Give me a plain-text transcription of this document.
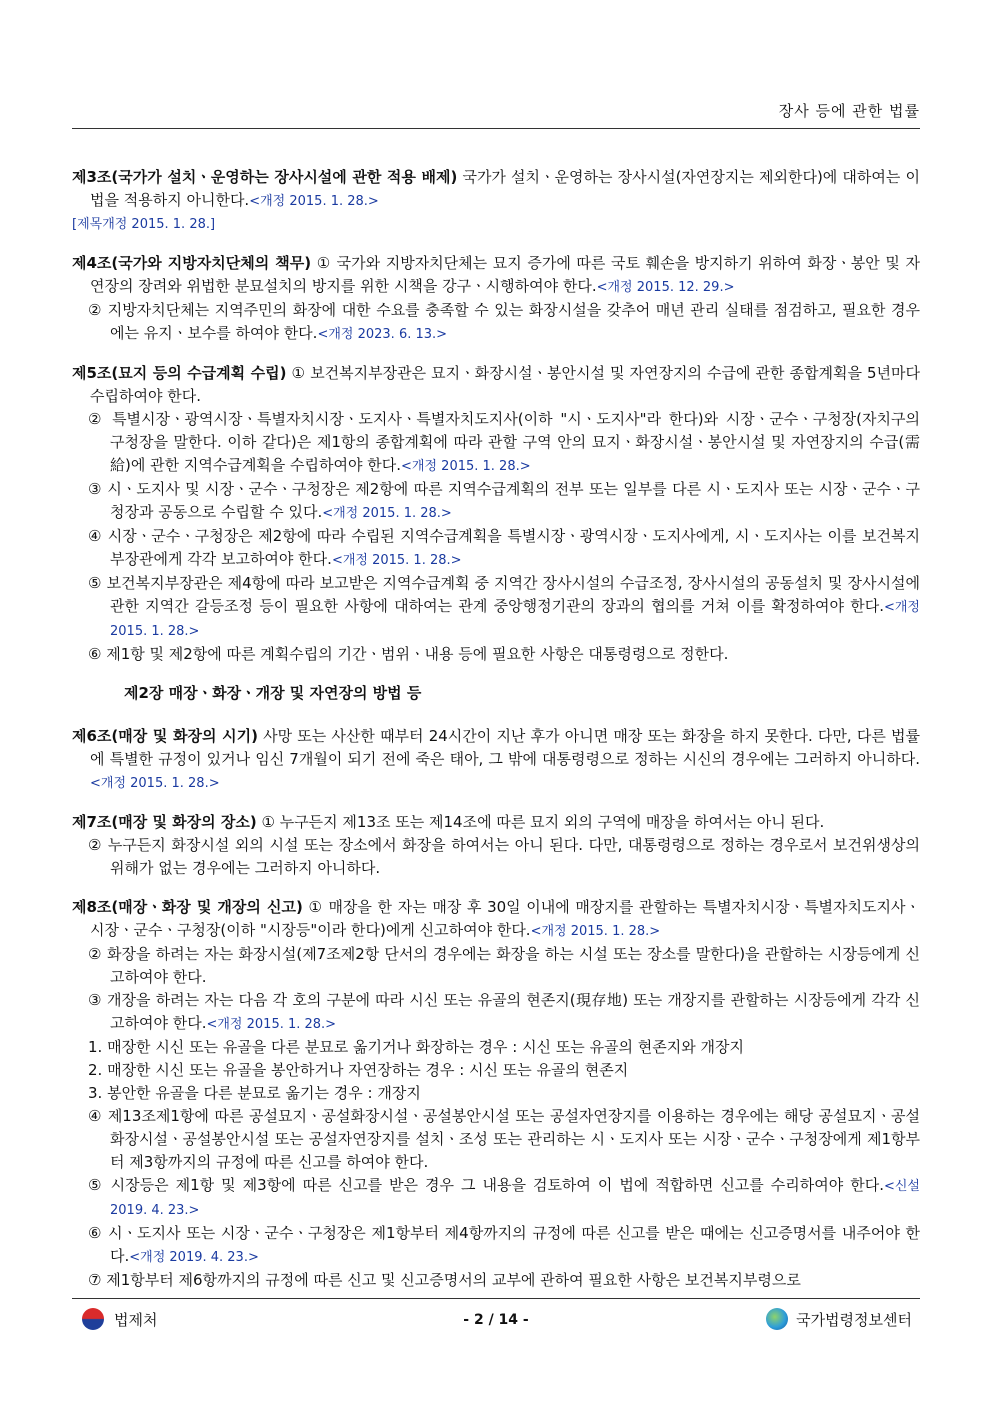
장사 등에 관한 법률

제3조(국가가 설치ㆍ운영하는 장사시설에 관한 적용 배제) 국가가 설치ㆍ운영하는 장사시설(자연장지는 제외한다)에 대하여는 이 법을 적용하지 아니한다.<개정 2015. 1. 28.>

[제목개정 2015. 1. 28.]

제4조(국가와 지방자치단체의 책무) ① 국가와 지방자치단체는 묘지 증가에 따른 국토 훼손을 방지하기 위하여 화장ㆍ봉안 및 자연장의 장려와 위법한 분묘설치의 방지를 위한 시책을 강구ㆍ시행하여야 한다.<개정 2015. 12. 29.>

② 지방자치단체는 지역주민의 화장에 대한 수요를 충족할 수 있는 화장시설을 갖추어 매년 관리 실태를 점검하고, 필요한 경우에는 유지ㆍ보수를 하여야 한다.<개정 2023. 6. 13.>

제5조(묘지 등의 수급계획 수립) ① 보건복지부장관은 묘지ㆍ화장시설ㆍ봉안시설 및 자연장지의 수급에 관한 종합계획을 5년마다 수립하여야 한다.

② 특별시장ㆍ광역시장ㆍ특별자치시장ㆍ도지사ㆍ특별자치도지사(이하 "시ㆍ도지사"라 한다)와 시장ㆍ군수ㆍ구청장(자치구의 구청장을 말한다. 이하 같다)은 제1항의 종합계획에 따라 관할 구역 안의 묘지ㆍ화장시설ㆍ봉안시설 및 자연장지의 수급(需給)에 관한 지역수급계획을 수립하여야 한다.<개정 2015. 1. 28.>

③ 시ㆍ도지사 및 시장ㆍ군수ㆍ구청장은 제2항에 따른 지역수급계획의 전부 또는 일부를 다른 시ㆍ도지사 또는 시장ㆍ군수ㆍ구청장과 공동으로 수립할 수 있다.<개정 2015. 1. 28.>

④ 시장ㆍ군수ㆍ구청장은 제2항에 따라 수립된 지역수급계획을 특별시장ㆍ광역시장ㆍ도지사에게, 시ㆍ도지사는 이를 보건복지부장관에게 각각 보고하여야 한다.<개정 2015. 1. 28.>

⑤ 보건복지부장관은 제4항에 따라 보고받은 지역수급계획 중 지역간 장사시설의 수급조정, 장사시설의 공동설치 및 장사시설에 관한 지역간 갈등조정 등이 필요한 사항에 대하여는 관계 중앙행정기관의 장과의 협의를 거쳐 이를 확정하여야 한다.<개정 2015. 1. 28.>

⑥ 제1항 및 제2항에 따른 계획수립의 기간ㆍ범위ㆍ내용 등에 필요한 사항은 대통령령으로 정한다.

제2장 매장ㆍ화장ㆍ개장 및 자연장의 방법 등

제6조(매장 및 화장의 시기) 사망 또는 사산한 때부터 24시간이 지난 후가 아니면 매장 또는 화장을 하지 못한다. 다만, 다른 법률에 특별한 규정이 있거나 임신 7개월이 되기 전에 죽은 태아, 그 밖에 대통령령으로 정하는 시신의 경우에는 그러하지 아니하다.<개정 2015. 1. 28.>

제7조(매장 및 화장의 장소) ① 누구든지 제13조 또는 제14조에 따른 묘지 외의 구역에 매장을 하여서는 아니 된다.

② 누구든지 화장시설 외의 시설 또는 장소에서 화장을 하여서는 아니 된다. 다만, 대통령령으로 정하는 경우로서 보건위생상의 위해가 없는 경우에는 그러하지 아니하다.

제8조(매장ㆍ화장 및 개장의 신고) ① 매장을 한 자는 매장 후 30일 이내에 매장지를 관할하는 특별자치시장ㆍ특별자치도지사ㆍ시장ㆍ군수ㆍ구청장(이하 "시장등"이라 한다)에게 신고하여야 한다.<개정 2015. 1. 28.>

② 화장을 하려는 자는 화장시설(제7조제2항 단서의 경우에는 화장을 하는 시설 또는 장소를 말한다)을 관할하는 시장등에게 신고하여야 한다.

③ 개장을 하려는 자는 다음 각 호의 구분에 따라 시신 또는 유골의 현존지(現存地) 또는 개장지를 관할하는 시장등에게 각각 신고하여야 한다.<개정 2015. 1. 28.>

1. 매장한 시신 또는 유골을 다른 분묘로 옮기거나 화장하는 경우 : 시신 또는 유골의 현존지와 개장지

2. 매장한 시신 또는 유골을 봉안하거나 자연장하는 경우 : 시신 또는 유골의 현존지

3. 봉안한 유골을 다른 분묘로 옮기는 경우 : 개장지

④ 제13조제1항에 따른 공설묘지ㆍ공설화장시설ㆍ공설봉안시설 또는 공설자연장지를 이용하는 경우에는 해당 공설묘지ㆍ공설화장시설ㆍ공설봉안시설 또는 공설자연장지를 설치ㆍ조성 또는 관리하는 시ㆍ도지사 또는 시장ㆍ군수ㆍ구청장에게 제1항부터 제3항까지의 규정에 따른 신고를 하여야 한다.

⑤ 시장등은 제1항 및 제3항에 따른 신고를 받은 경우 그 내용을 검토하여 이 법에 적합하면 신고를 수리하여야 한다.<신설 2019. 4. 23.>

⑥ 시ㆍ도지사 또는 시장ㆍ군수ㆍ구청장은 제1항부터 제4항까지의 규정에 따른 신고를 받은 때에는 신고증명서를 내주어야 한다.<개정 2019. 4. 23.>

⑦ 제1항부터 제6항까지의 규정에 따른 신고 및 신고증명서의 교부에 관하여 필요한 사항은 보건복지부령으로

법제처	- 2 / 14 -	국가법령정보센터
